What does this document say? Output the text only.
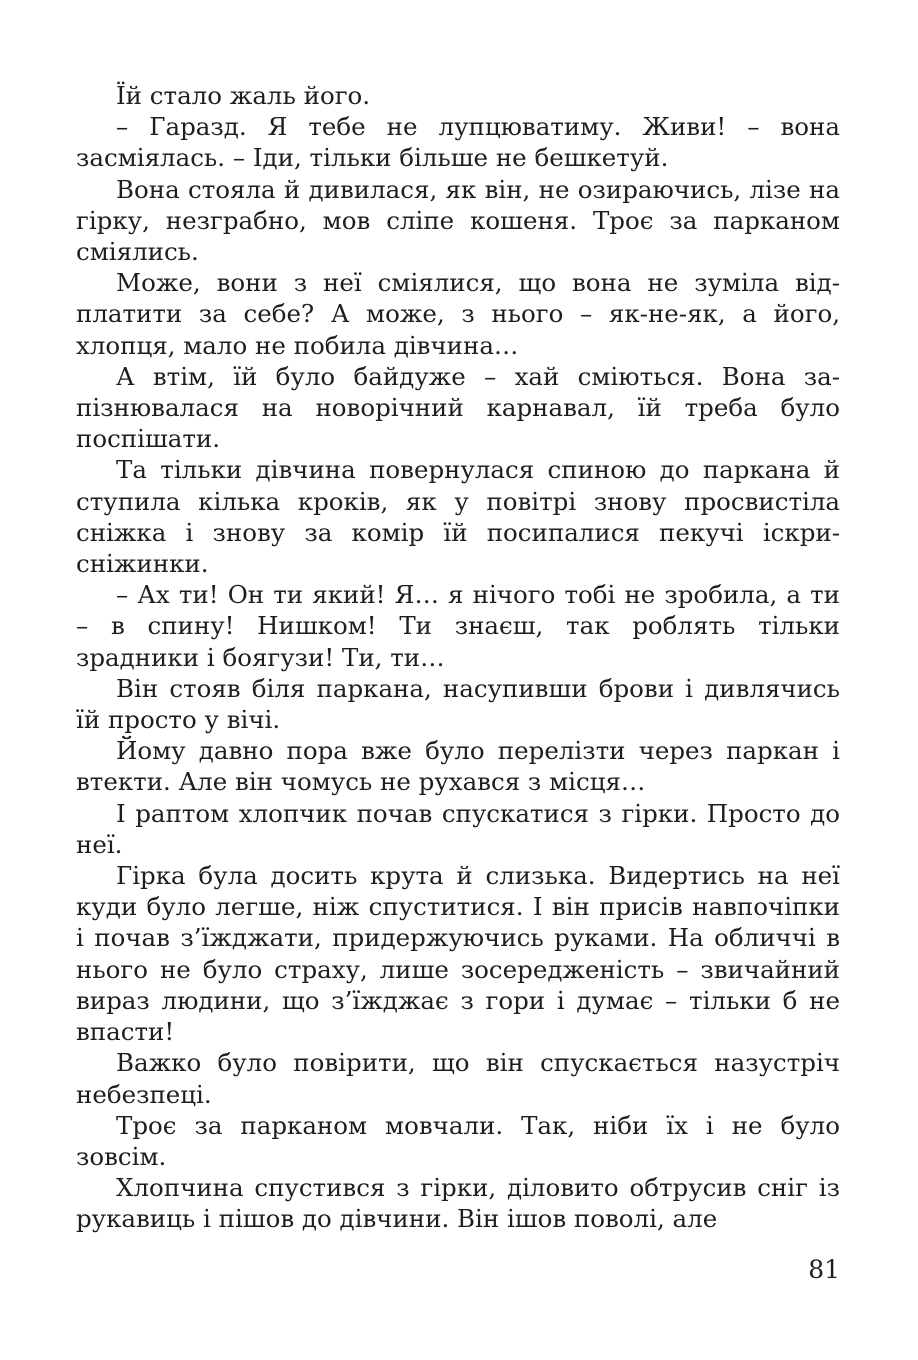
Їй стало жаль його.

– Гаразд. Я тебе не лупцюватиму. Живи! – вона засміялась. – Іди, тільки більше не бешкетуй.

Вона стояла й дивилася, як він, не озираючись, лізе на гірку, незграбно, мов сліпе кошеня. Троє за парканом сміялись.

Може, вони з неї сміялися, що вона не зуміла відплатити за себе? А може, з нього – як-не-як, а його, хлопця, мало не побила дівчина…

А втім, їй було байдуже – хай сміються. Вона запізнювалася на новорічний карнавал, їй треба було поспішати.

Та тільки дівчина повернулася спиною до паркана й ступила кілька кроків, як у повітрі знову просвистіла сніжка і знову за комір їй посипалися пекучі іскрисніжинки.

– Ах ти! Он ти який! Я… я нічого тобі не зробила, а ти – в спину! Нишком! Ти знаєш, так роблять тільки зрадники і боягузи! Ти, ти…

Він стояв біля паркана, насупивши брови і дивлячись їй просто у вічі.

Йому давно пора вже було перелізти через паркан і втекти. Але він чомусь не рухався з місця…

І раптом хлопчик почав спускатися з гірки. Просто до неї.

Гірка була досить крута й слизька. Видертись на неї куди було легше, ніж спуститися. І він присів навпочіпки і почав з’їжджати, придержуючись руками. На обличчі в нього не було страху, лише зосередженість – звичайний вираз людини, що з’їжджає з гори і думає – тільки б не впасти!

Важко було повірити, що він спускається назустріч небезпеці.

Троє за парканом мовчали. Так, ніби їх і не було зовсім.

Хлопчина спустився з гірки, діловито обтрусив сніг із рукавиць і пішов до дівчини. Він ішов поволі, але

81
